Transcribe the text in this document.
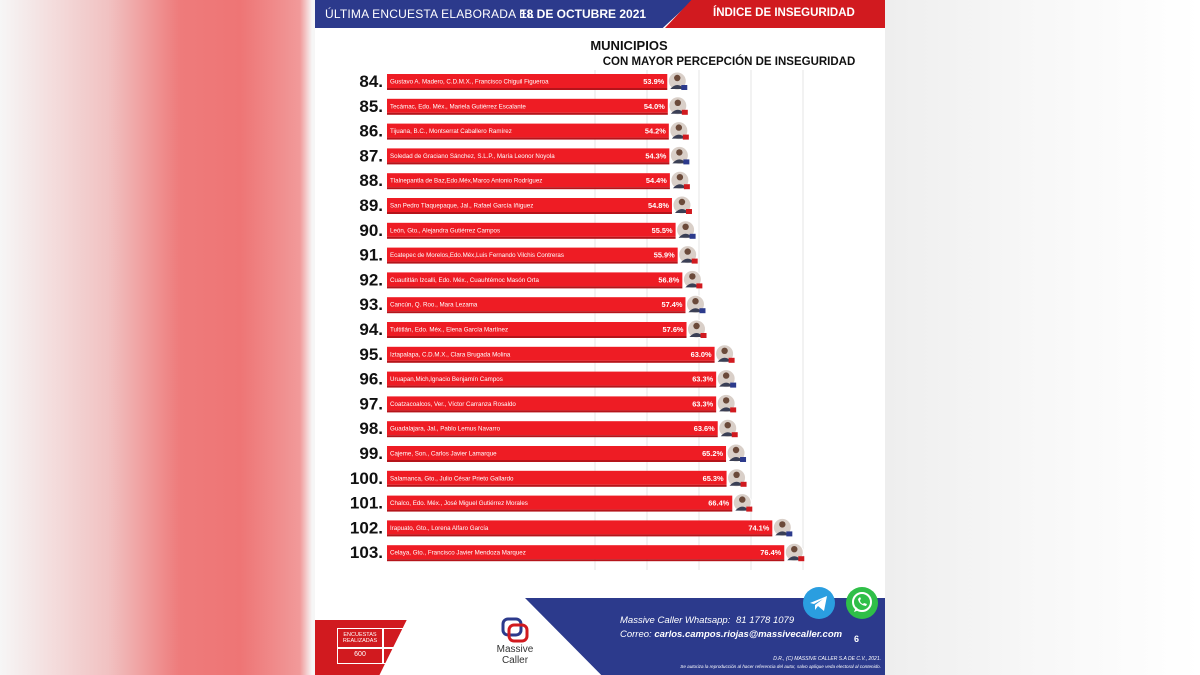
ÚLTIMA ENCUESTA ELABORADA EL
18 DE OCTUBRE 2021	ÍNDICE DE INSEGURIDAD
MUNICIPIOS
CON MAYOR PERCEPCIÓN DE INSEGURIDAD
84. Gustavo A. Madero, C.D.M.X., Francisco Chiguil Figueroa	53.9%
85. Tecámac, Edo. Méx., Mariela Gutiérrez Escalante	54.0%
86. Tijuana, B.C., Montserrat Caballero Ramírez	54.2%
87. Soledad de Graciano Sánchez, S.L.P., María Leonor Noyola	54.3%
88. Tlalnepantla de Baz,Edo.Méx,Marco Antonio Rodríguez	54.4%
89. San Pedro Tlaquepaque, Jal., Rafael García Iñiguez	54.8%
90. León, Gto., Alejandra Gutiérrez Campos	55.5%
91. Ecatepec de Morelos,Edo.Méx,Luis Fernando Vilchis Contreras	55.9%
92. Cuautitlán Izcalli, Edo. Méx., Cuauhtémoc Masón Orta	56.8%
93. Cancún, Q. Roo., Mara Lezama	57.4%
94. Tultitlán, Edo. Méx., Elena García Martínez	57.6%
95. Iztapalapa, C.D.M.X., Clara Brugada Molina	63.0%
96. Uruapan,Mich,Ignacio Benjamín Campos	63.3%
97. Coatzacoalcos, Ver., Víctor Carranza Rosaldo	63.3%
98. Guadalajara, Jal., Pablo Lemus Navarro	63.6%
99. Cajeme, Son., Carlos Javier Lamarque	65.2%
100. Salamanca, Gto., Julio César Prieto Gallardo	65.3%
101. Chalco, Edo. Méx., José Miguel Gutiérrez Morales	66.4%
102. Irapuato, Gto., Lorena Alfaro García	74.1%
103. Celaya, Gto., Francisco Javier Mendoza Marquez	76.4%
ENCUESTAS REALIZADAS
M. E.
600	+/- 4.3%	Massive
Caller
Massive Caller Whatsapp: 81 1778 1079
Correo: carlos.campos.riojas@massivecaller.com 6
D.R., (C) MASSIVE CALLER S.A DE C.V., 2021.
Se autoriza la reproducción al hacer referencia del autor, salvo aplique veda electoral al contenido.
